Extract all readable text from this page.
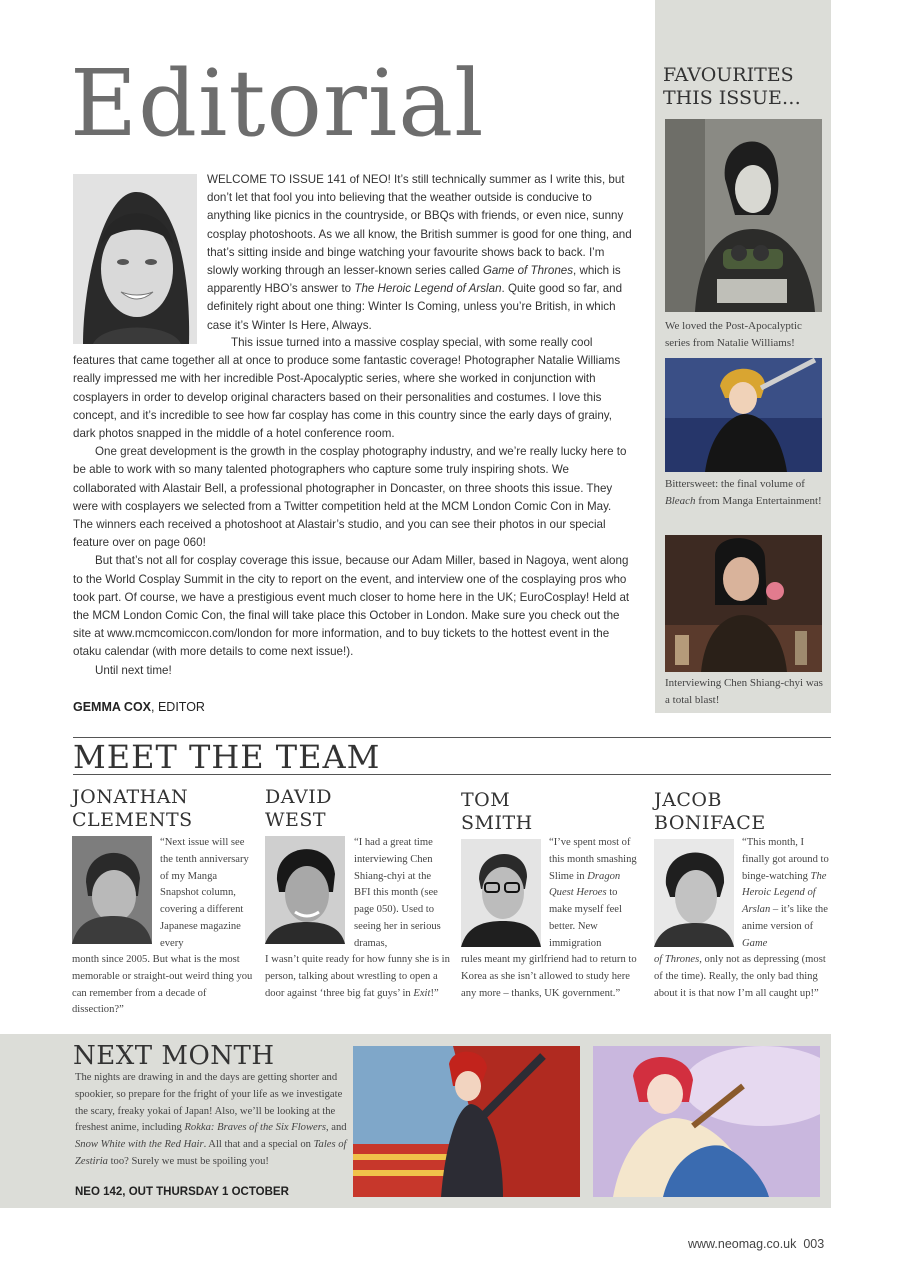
Editorial

WELCOME TO ISSUE 141 of NEO! It’s still technically summer as I write this, but don’t let that fool you into believing that the weather outside is conducive to anything like picnics in the countryside, or BBQs with friends, or even nice, sunny cosplay photoshoots. As we all know, the British summer is good for one thing, and that’s sitting inside and binge watching your favourite shows back to back. I’m slowly working through an lesser-known series called Game of Thrones, which is apparently HBO’s answer to The Heroic Legend of Arslan. Quite good so far, and definitely right about one thing: Winter Is Coming, unless you’re British, in which case it’s Winter Is Here, Always.

This issue turned into a massive cosplay special, with some really cool

features that came together all at once to produce some fantastic coverage! Photographer Natalie Williams really impressed me with her incredible Post-Apocalyptic series, where she worked in conjunction with cosplayers in order to develop original characters based on their personalities and costumes. I love this concept, and it’s incredible to see how far cosplay has come in this country since the early days of grainy, dark photos snapped in the middle of a hotel conference room.

One great development is the growth in the cosplay photography industry, and we’re really lucky here to be able to work with so many talented photographers who capture some truly inspiring shots. We collaborated with Alastair Bell, a professional photographer in Doncaster, on three shoots this issue. They were with cosplayers we selected from a Twitter competition held at the MCM London Comic Con in May. The winners each received a photoshoot at Alastair’s studio, and you can see their photos in our special feature over on page 060!

But that’s not all for cosplay coverage this issue, because our Adam Miller, based in Nagoya, went along to the World Cosplay Summit in the city to report on the event, and interview one of the cosplaying pros who took part. Of course, we have a prestigious event much closer to home here in the UK; EuroCosplay! Held at the MCM London Comic Con, the final will take place this October in London. Make sure you check out the site at www.mcmcomiccon.com/london for more information, and to buy tickets to the hottest event in the otaku calendar (with more details to come next issue!).

Until next time!

GEMMA COX, EDITOR
FAVOURITES
THIS ISSUE…
We loved the Post-Apocalyptic series from Natalie Williams!
Bittersweet: the final volume of Bleach from Manga Entertainment!
Interviewing Chen Shiang-chyi was a total blast!
MEET THE TEAM
JONATHAN
CLEMENTS
“Next issue will see the tenth anniversary of my Manga Snapshot column, covering a different Japanese magazine every
month since 2005. But what is the most memorable or straight-out weird thing you can remember from a decade of dissection?”
DAVID
WEST
“I had a great time interviewing Chen Shiang-chyi at the BFI this month (see page 050). Used to seeing her in serious dramas,
I wasn’t quite ready for how funny she is in person, talking about wrestling to open a door against ‘three big fat guys’ in Exit!”
TOM
SMITH
“I’ve spent most of this month smashing Slime in Dragon Quest Heroes to make myself feel better. New immigration
rules meant my girlfriend had to return to Korea as she isn’t allowed to study here any more – thanks, UK government.”
JACOB
BONIFACE
“This month, I finally got around to binge-watching The Heroic Legend of Arslan – it’s like the anime version of Game
of Thrones, only not as depressing (most of the time). Really, the only bad thing about it is that now I’m all caught up!”
NEXT MONTH
The nights are drawing in and the days are getting shorter and spookier, so prepare for the fright of your life as we investigate the scary, freaky yokai of Japan! Also, we’ll be looking at the freshest anime, including Rokka: Braves of the Six Flowers, and Snow White with the Red Hair. All that and a special on Tales of Zestiria too? Surely we must be spoiling you!
NEO 142, OUT THURSDAY 1 OCTOBER
www.neomag.co.uk 003
